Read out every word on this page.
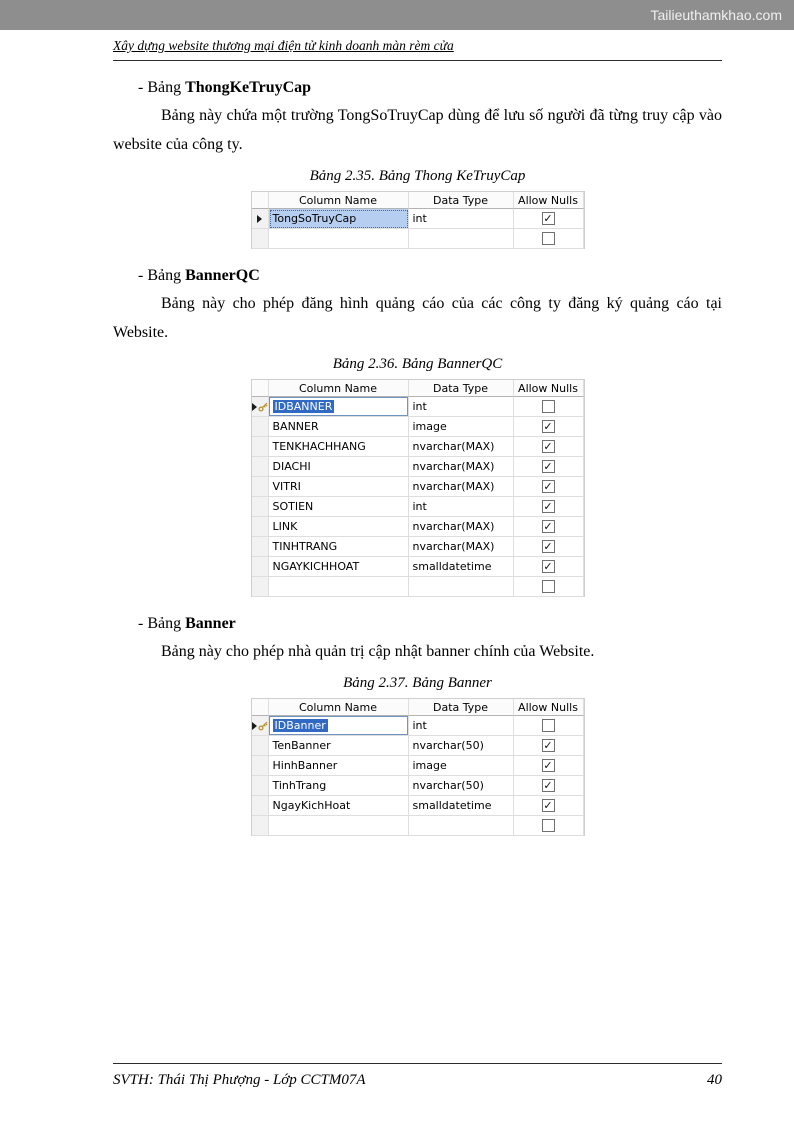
Tailieuthamkhao.com
Xây dựng website thương mại điện tử kinh doanh màn rèm cửa
- Bảng ThongKeTruyCap

Bảng này chứa một trường TongSoTruyCap dùng để lưu số người đã từng truy cập vào website của công ty.

Bảng 2.35. Bảng Thong KeTruyCap
Column Name	Data Type	Allow Nulls
TongSoTruyCap	int	✓
- Bảng BannerQC

Bảng này cho phép đăng hình quảng cáo của các công ty đăng ký quảng cáo tại Website.

Bảng 2.36. Bảng BannerQC
Column Name	Data Type	Allow Nulls
IDBANNER	int
BANNER	image	✓
TENKHACHHANG	nvarchar(MAX)	✓
DIACHI	nvarchar(MAX)	✓
VITRI	nvarchar(MAX)	✓
SOTIEN	int	✓
LINK	nvarchar(MAX)	✓
TINHTRANG	nvarchar(MAX)	✓
NGAYKICHHOAT	smalldatetime	✓
- Bảng Banner

Bảng này cho phép nhà quản trị cập nhật banner chính của Website.

Bảng 2.37. Bảng Banner
Column Name	Data Type	Allow Nulls
IDBanner	int
TenBanner	nvarchar(50)	✓
HinhBanner	image	✓
TinhTrang	nvarchar(50)	✓
NgayKichHoat	smalldatetime	✓
SVTH: Thái Thị Phượng - Lớp CCTM07A	40
